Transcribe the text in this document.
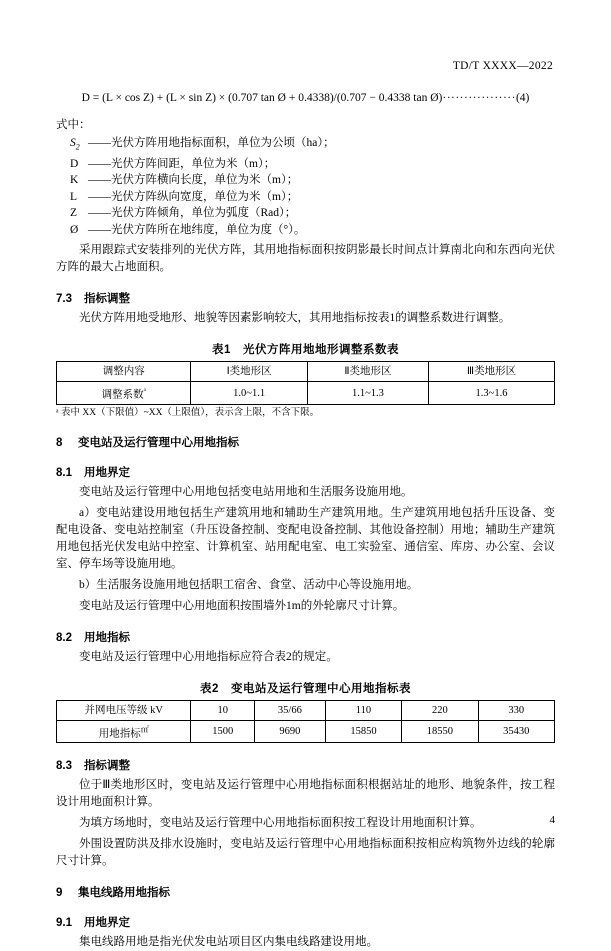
TD/T XXXX—2022
D = (L × cos Z) + (L × sin Z) × (0.707 tan Ø + 0.4338)/(0.707 − 0.4338 tan Ø)·················(4)
式中：
$S_2$ ——光伏方阵用地指标面积，单位为公顷（ha）；
D ——光伏方阵间距，单位为米（m）；
K ——光伏方阵横向长度，单位为米（m）；
L ——光伏方阵纵向宽度，单位为米（m）；
Z ——光伏方阵倾角，单位为弧度（Rad）；
Ø ——光伏方阵所在地纬度，单位为度（°）。
采用跟踪式安装排列的光伏方阵，其用地指标面积按阴影最长时间点计算南北向和东西向光伏方阵的最大占地面积。
7.3 指标调整
光伏方阵用地受地形、地貌等因素影响较大，其用地指标按表1的调整系数进行调整。
表1　光伏方阵用地地形调整系数表
调整内容	Ⅰ类地形区	Ⅱ类地形区	Ⅲ类地形区
调整系数$^ᵃ$	1.0~1.1	1.1~1.3	1.3~1.6
ᵃ 表中 XX（下限值）~XX（上限值），表示含上限，不含下限。
8 变电站及运行管理中心用地指标
8.1 用地界定
变电站及运行管理中心用地包括变电站用地和生活服务设施用地。
a）变电站建设用地包括生产建筑用地和辅助生产建筑用地。生产建筑用地包括升压设备、变配电设备、变电站控制室（升压设备控制、变配电设备控制、其他设备控制）用地；辅助生产建筑用地包括光伏发电站中控室、计算机室、站用配电室、电工实验室、通信室、库房、办公室、会议室、停车场等设施用地。
b）生活服务设施用地包括职工宿舍、食堂、活动中心等设施用地。
变电站及运行管理中心用地面积按围墙外1m的外轮廓尺寸计算。
8.2 用地指标
变电站及运行管理中心用地指标应符合表2的规定。
表2　变电站及运行管理中心用地指标表
并网电压等级 kV	10	35/66	110	220	330
用地指标㎡	1500	9690	15850	18550	35430
8.3 指标调整
位于Ⅲ类地形区时，变电站及运行管理中心用地指标面积根据站址的地形、地貌条件，按工程设计用地面积计算。
为填方场地时，变电站及运行管理中心用地指标面积按工程设计用地面积计算。
外围设置防洪及排水设施时，变电站及运行管理中心用地指标面积按相应构筑物外边线的轮廓尺寸计算。
9 集电线路用地指标
9.1 用地界定
集电线路用地是指光伏发电站项目区内集电线路建设用地。
4
